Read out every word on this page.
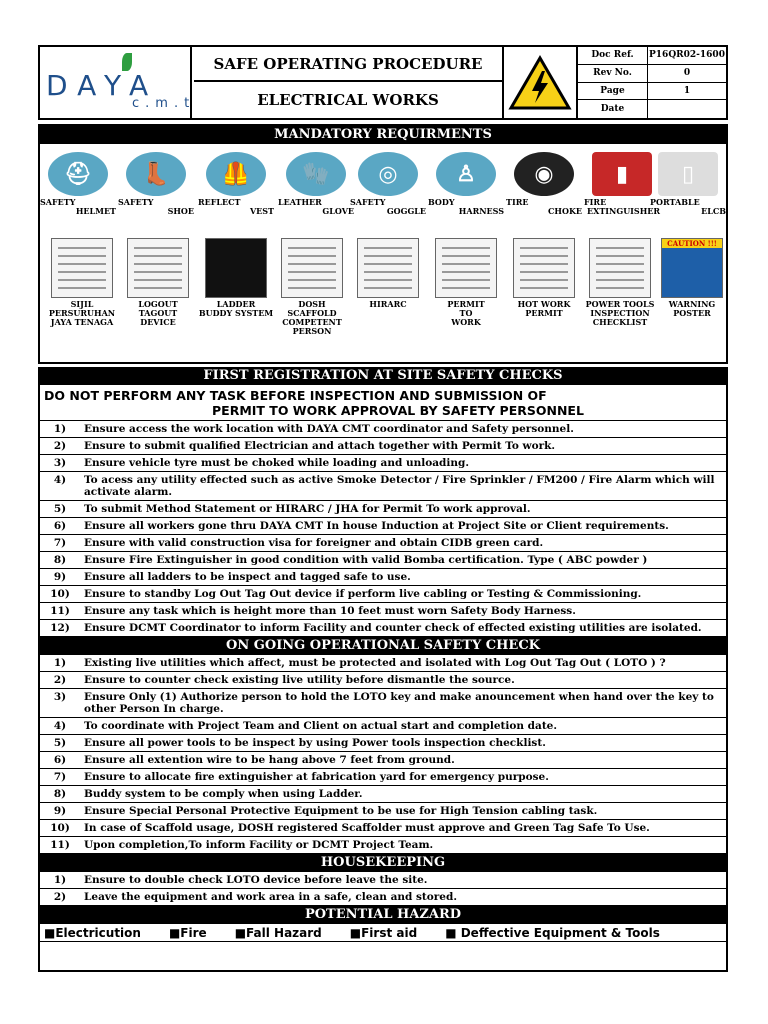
DAYA
c.m.t
SAFE OPERATING PROCEDURE
ELECTRICAL WORKS
Doc Ref.	P16QR02-1600
Rev No.	0
Page	1
Date
MANDATORY REQUIRMENTS
⛑
SAFETY
HELMET
👢
SAFETY
SHOE
🦺
REFLECT
VEST
🧤
LEATHER
GLOVE
◎
SAFETY
GOGGLE
♙
BODY
HARNESS
◉
TIRE
CHOKE
▮
FIRE
EXTINGUISHER
▯
PORTABLE
ELCB
SIJIL
PERSURUHAN
JAYA TENAGA
LOGOUT
TAGOUT
DEVICE
LADDER
BUDDY SYSTEM
DOSH SCAFFOLD
COMPETENT
PERSON
HIRARC	PERMIT
TO
WORK
HOT WORK
PERMIT
POWER TOOLS
INSPECTION
CHECKLIST
CAUTION !!!
WARNING
POSTER
FIRST REGISTRATION AT SITE SAFETY CHECKS
DO NOT PERFORM ANY TASK BEFORE INSPECTION AND SUBMISSION OF
PERMIT TO WORK APPROVAL BY SAFETY PERSONNEL
1)	Ensure access the work location with DAYA CMT coordinator and Safety personnel.
2)	Ensure to submit qualified Electrician and attach together with Permit To work.
3)	Ensure vehicle tyre must be choked while loading and unloading.
4)	To acess any utility effected such as active Smoke Detector / Fire Sprinkler / FM200 / Fire Alarm which will activate alarm.
5)	To submit Method Statement or HIRARC / JHA for Permit To work approval.
6)	Ensure all workers gone thru DAYA CMT In house Induction at Project Site or Client requirements.
7)	Ensure with valid construction visa for foreigner and obtain CIDB green card.
8)	Ensure Fire Extinguisher in good condition with valid Bomba certification. Type ( ABC powder )
9)	Ensure all ladders to be inspect and tagged safe to use.
10)	Ensure to standby Log Out Tag Out device if perform live cabling or Testing & Commissioning.
11)	Ensure any task which is height more than 10 feet must worn Safety Body Harness.
12)	Ensure DCMT Coordinator to inform Facility and counter check of effected existing utilities are isolated.
ON GOING OPERATIONAL SAFETY CHECK
1)	Existing live utilities which affect, must be protected and isolated with Log Out Tag Out ( LOTO ) ?
2)	Ensure to counter check existing live utility before dismantle the source.
3)	Ensure Only (1) Authorize person to hold the LOTO key and make anouncement when hand over the key to other Person In charge.
4)	To coordinate with Project Team and Client on actual start and completion date.
5)	Ensure all power tools to be inspect by using Power tools inspection checklist.
6)	Ensure all extention wire to be hang above 7 feet from ground.
7)	Ensure to allocate fire extinguisher at fabrication yard for emergency purpose.
8)	Buddy system to be comply when using Ladder.
9)	Ensure Special Personal Protective Equipment to be use for High Tension cabling task.
10)	In case of Scaffold usage, DOSH registered Scaffolder must approve and Green Tag Safe To Use.
11)	Upon completion,To inform Facility or DCMT Project Team.
HOUSEKEEPING
1)	Ensure to double check LOTO device before leave the site.
2)	Leave the equipment and work area in a safe, clean and stored.
POTENTIAL HAZARD
■Electricution ■Fire ■Fall Hazard ■First aid ■ Deffective Equipment & Tools
